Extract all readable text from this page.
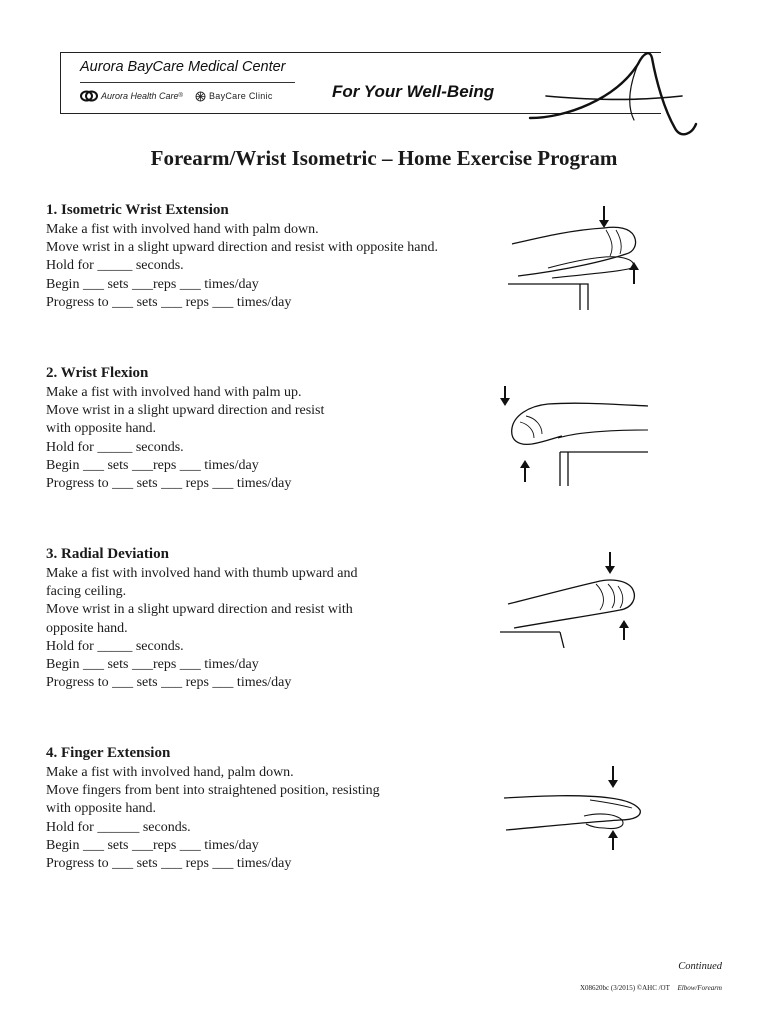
Aurora BayCare Medical Center
Aurora Health Care ®	BayCare Clinic	For Your Well-Being
Forearm/Wrist Isometric – Home Exercise Program
1. Isometric Wrist Extension
Make a fist with involved hand with palm down.
Move wrist in a slight upward direction and resist with opposite hand.
Hold for _____ seconds.
Begin ___ sets ___reps ___ times/day
Progress to ___ sets ___ reps ___ times/day
2. Wrist Flexion
Make a fist with involved hand with palm up.
Move wrist in a slight upward direction and resist
with opposite hand.
Hold for _____ seconds.
Begin ___ sets ___reps ___ times/day
Progress to ___ sets ___ reps ___ times/day
3. Radial Deviation
Make a fist with involved hand with thumb upward and
facing ceiling.
Move wrist in a slight upward direction and resist with
opposite hand.
Hold for _____ seconds.
Begin ___ sets ___reps ___ times/day
Progress to ___ sets ___ reps ___ times/day
4. Finger Extension
Make a fist with involved hand, palm down.
Move fingers from bent into straightened position, resisting
with opposite hand.
Hold for ______ seconds.
Begin ___ sets ___reps ___ times/day
Progress to ___ sets ___ reps ___ times/day
Continued
X08620bc (3/2015) ©AHC /OT Elbow/Forearm
